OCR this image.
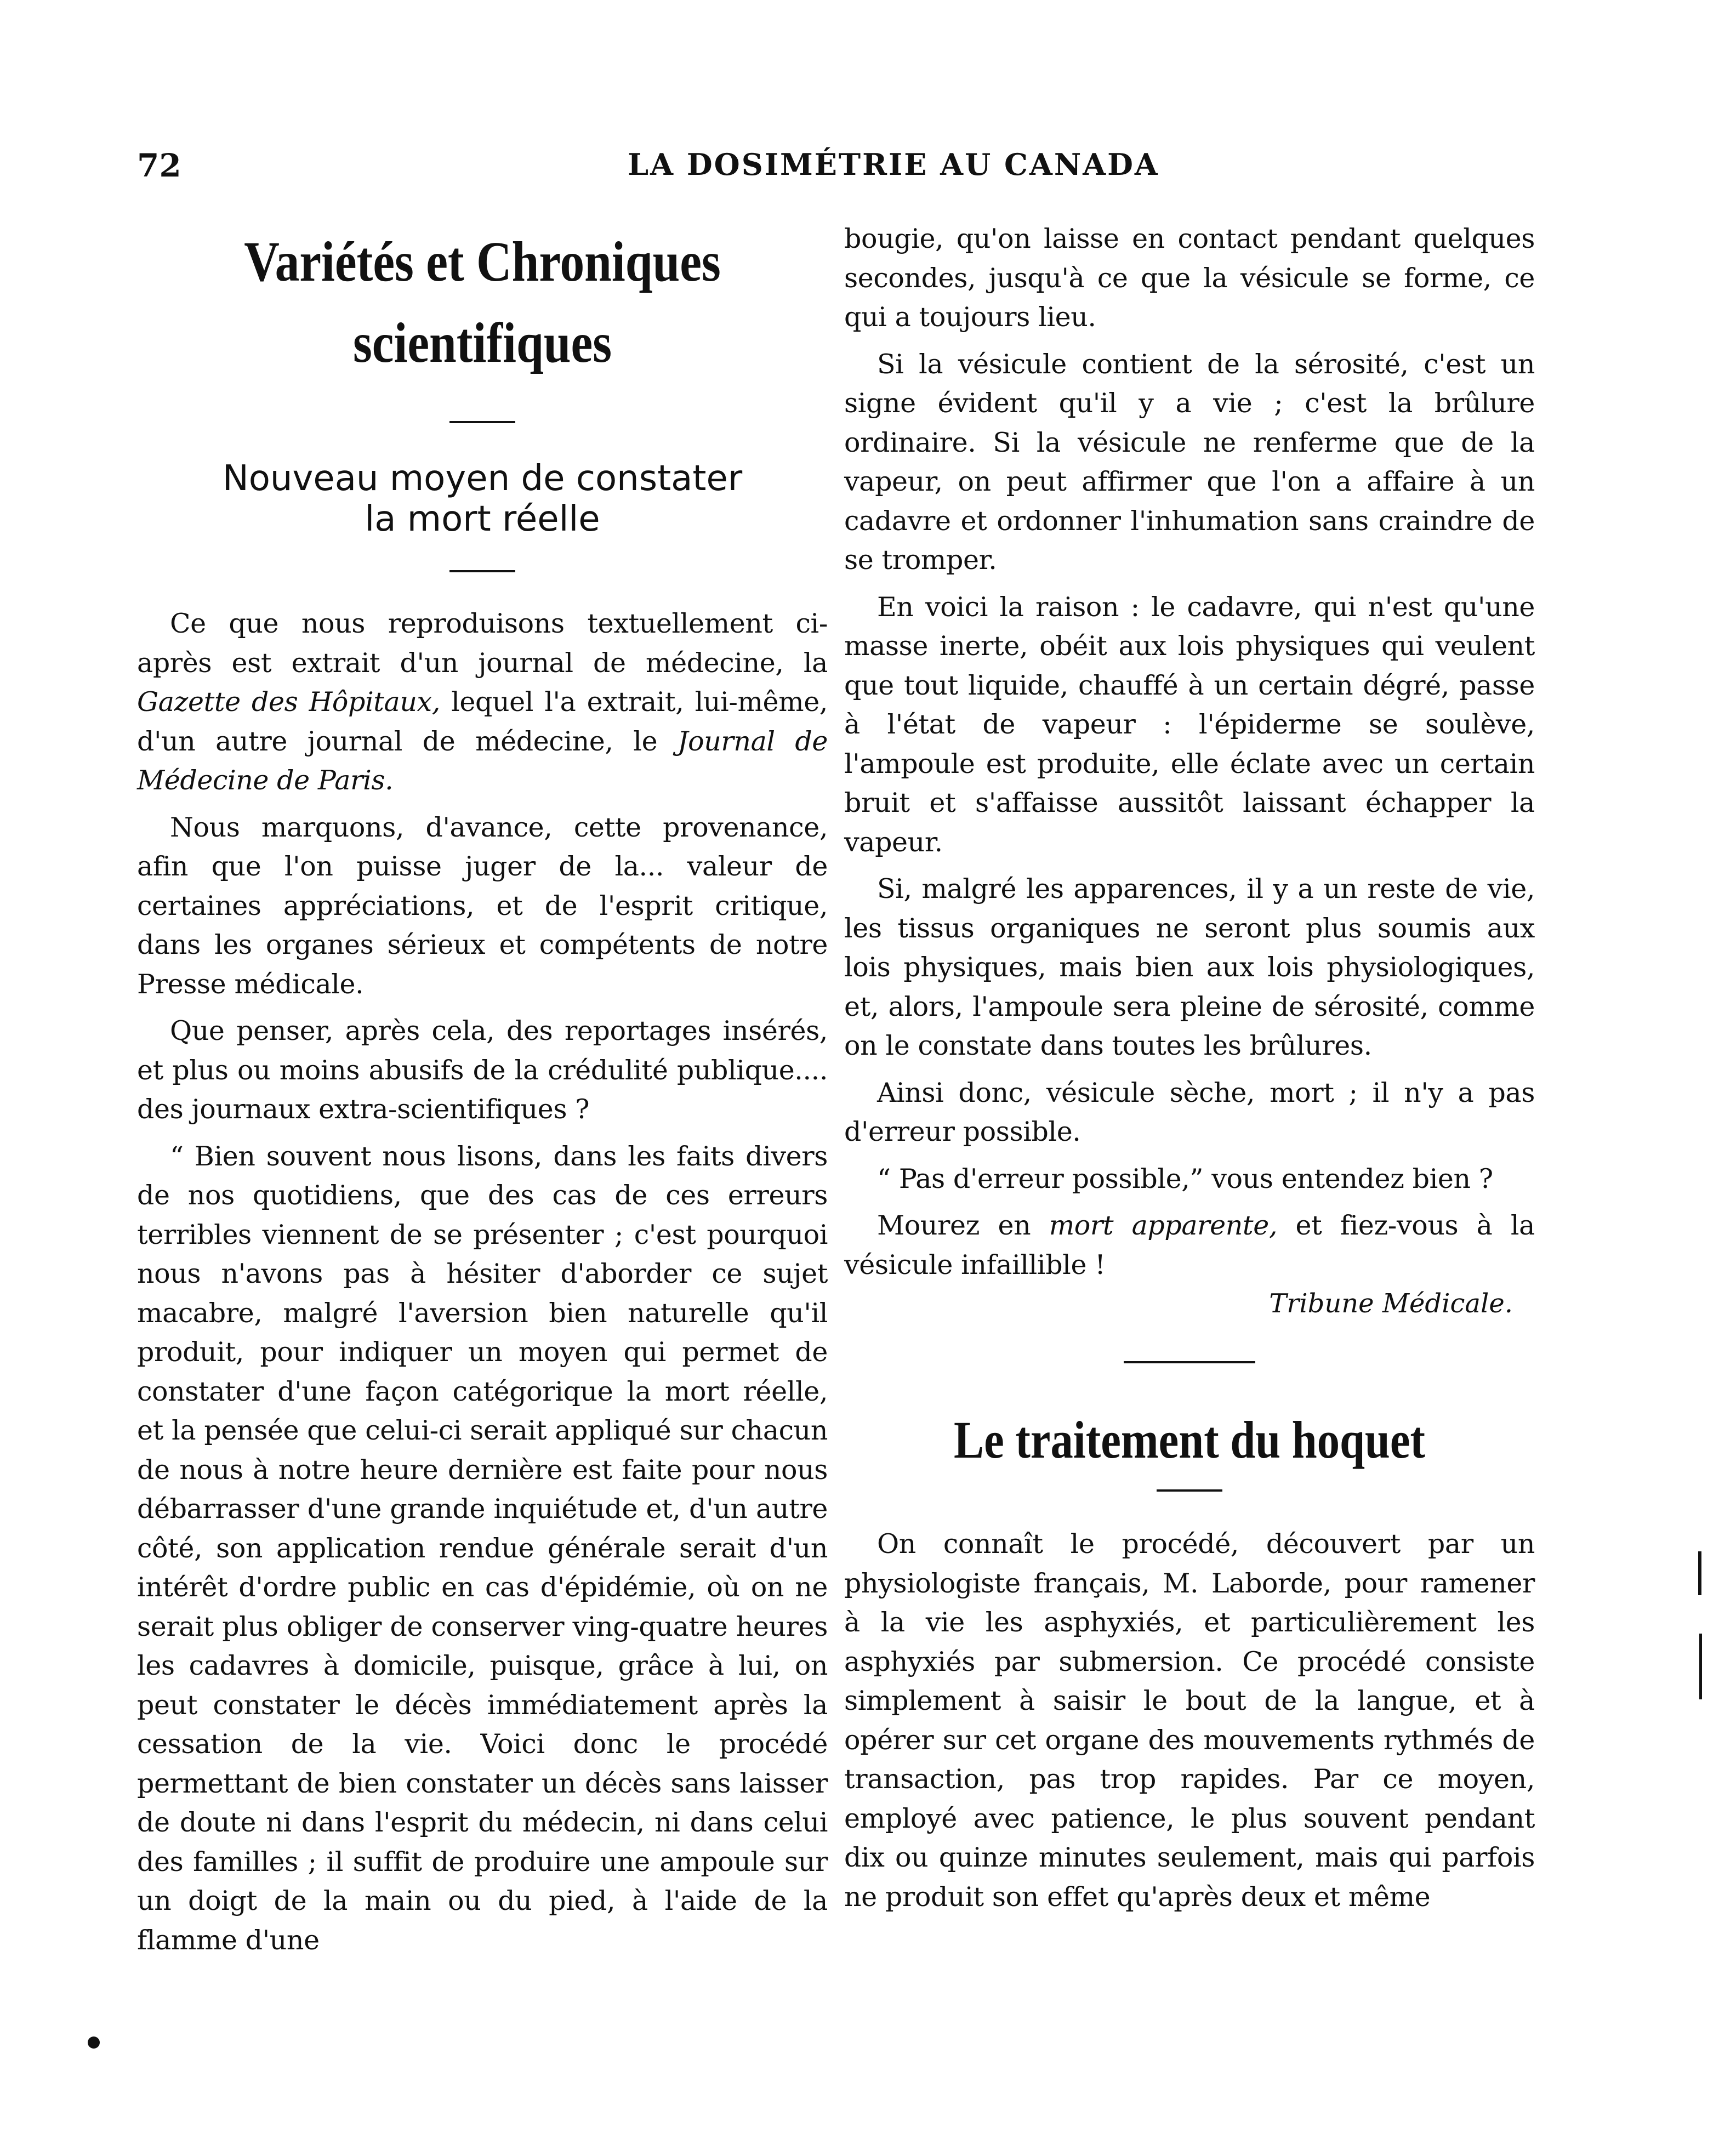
72	LA DOSIMÉTRIE AU CANADA
Variétés et Chroniques
scientifiques

Nouveau moyen de constater

la mort réelle

Ce que nous reproduisons textuellement ci-après est extrait d'un journal de médecine, la Gazette des Hôpitaux, lequel l'a extrait, lui-même, d'un autre journal de médecine, le Journal de Médecine de Paris.

Nous marquons, d'avance, cette provenance, afin que l'on puisse juger de la... valeur de certaines appréciations, et de l'esprit critique, dans les organes sérieux et compétents de notre Presse médicale.

Que penser, après cela, des reportages insérés, et plus ou moins abusifs de la crédulité publique.... des journaux extra-scientifiques ?

“ Bien souvent nous lisons, dans les faits divers de nos quotidiens, que des cas de ces erreurs terribles viennent de se présenter ; c'est pourquoi nous n'avons pas à hésiter d'aborder ce sujet macabre, malgré l'aversion bien naturelle qu'il produit, pour indiquer un moyen qui permet de constater d'une façon catégorique la mort réelle, et la pensée que celui-ci serait appliqué sur chacun de nous à notre heure dernière est faite pour nous débarrasser d'une grande inquiétude et, d'un autre côté, son application rendue générale serait d'un intérêt d'ordre public en cas d'épidémie, où on ne serait plus obliger de conserver ving-quatre heures les cadavres à domicile, puisque, grâce à lui, on peut constater le décès immédiatement après la cessation de la vie. Voici donc le procédé permettant de bien constater un décès sans laisser de doute ni dans l'esprit du médecin, ni dans celui des familles ; il suffit de produire une ampoule sur un doigt de la main ou du pied, à l'aide de la flamme d'une

bougie, qu'on laisse en contact pendant quelques secondes, jusqu'à ce que la vésicule se forme, ce qui a toujours lieu.

Si la vésicule contient de la sérosité, c'est un signe évident qu'il y a vie ; c'est la brûlure ordinaire. Si la vésicule ne renferme que de la vapeur, on peut affirmer que l'on a affaire à un cadavre et ordonner l'inhumation sans craindre de se tromper.

En voici la raison : le cadavre, qui n'est qu'une masse inerte, obéit aux lois physiques qui veulent que tout liquide, chauffé à un certain dégré, passe à l'état de vapeur : l'épiderme se soulève, l'ampoule est produite, elle éclate avec un certain bruit et s'affaisse aussitôt laissant échapper la vapeur.

Si, malgré les apparences, il y a un reste de vie, les tissus organiques ne seront plus soumis aux lois physiques, mais bien aux lois physiologiques, et, alors, l'ampoule sera pleine de sérosité, comme on le constate dans toutes les brûlures.

Ainsi donc, vésicule sèche, mort ; il n'y a pas d'erreur possible.

“ Pas d'erreur possible,” vous entendez bien ?

Mourez en mort apparente, et fiez-vous à la vésicule infaillible !

Tribune Médicale.

Le traitement du hoquet

On connaît le procédé, découvert par un physiologiste français, M. Laborde, pour ramener à la vie les asphyxiés, et particulièrement les asphyxiés par submersion. Ce procédé consiste simplement à saisir le bout de la langue, et à opérer sur cet organe des mouvements rythmés de transaction, pas trop rapides. Par ce moyen, employé avec patience, le plus souvent pendant dix ou quinze minutes seulement, mais qui parfois ne produit son effet qu'après deux et même
